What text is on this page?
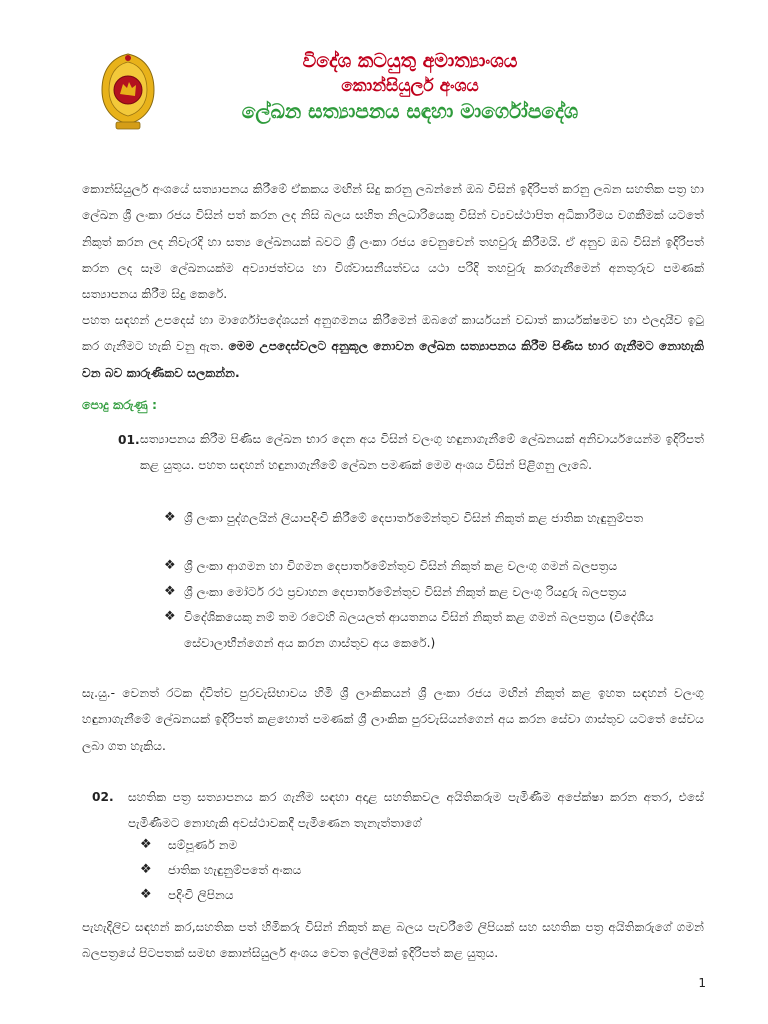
විදේශ කටයුතු අමාත්‍යාංශය
කොන්සියුලර් අංශය
ලේඛන සත්‍යාපනය සඳහා මාර්ගෝපදේශ

කොන්සියුලර් අංශයේ සත්‍යාපනය කිරීමේ ඒකකය මඟින් සිදු කරනු ලබන්නේ ඔබ විසින් ඉදිරිපත් කරනු ලබන සහතික පත්‍ර හා ලේඛන ශ්‍රී ලංකා රජය විසින් පත් කරන ලද නිසි බලය සහිත නිලධාරියෙකු විසින් ව්‍යවස්ථාපිත අධිකාරිමය වගකීමක් යටතේ නිකුත් කරන ලද නිවැරදි හා සත්‍ය ලේඛනයක් බවට ශ්‍රී ලංකා රජය වෙනුවෙන් තහවුරු කිරීමයි. ඒ අනුව ඔබ විසින් ඉදිරිපත් කරන ලද සෑම ලේඛනයක්ම අව්‍යාජත්වය හා විශ්වාසනීයත්වය යථා පරිදි තහවුරු කරගැනීමෙන් අනතුරුව පමණක් සත්‍යාපනය කිරීම සිදු කෙරේ.

පහත සඳහන් උපදෙස් හා මාර්ගෝපදේශයන් අනුගමනය කිරීමෙන් ඔබගේ කාර්යයන් වඩාත් කාර්යක්ෂමව හා ඵලදායීව ඉටු කර ගැනීමට හැකි වනු ඇත. මෙම උපදෙස්වලට අනුකූල නොවන ලේඛන සත්‍යාපනය කිරීම පිණිස භාර ගැනීමට නොහැකි වන බව කාරුණිකව සලකන්න.

පොදු කරුණු :
01. සත්‍යාපනය කිරීම පිණිස ලේඛන භාර දෙන අය විසින් වලංගු හඳුනාගැනීමේ ලේඛනයක් අනිවාර්යයෙන්ම ඉදිරිපත් කළ යුතුය. පහත සඳහන් හඳුනාගැනීමේ ලේඛන පමණක් මෙම අංශය විසින් පිළිගනු ලැබේ.

❖ ශ්‍රී ලංකා පුද්ගලයින් ලියාපදිංචි කිරීමේ දෙපාර්තමේන්තුව විසින් නිකුත් කළ ජාතික හැඳුනුම්පත
❖ ශ්‍රී ලංකා ආගමන හා විගමන දෙපාර්තමේන්තුව විසින් නිකුත් කළ වලංගු ගමන් බලපත්‍රය
❖ ශ්‍රී ලංකා මෝටර් රථ ප්‍රවාහන දෙපාර්තමේන්තුව විසින් නිකුත් කළ වලංගු රියදුරු බලපත්‍රය
❖ විදේශිකයෙකු නම් තම රටෙහි බලයලත් ආයතනය විසින් නිකුත් කළ ගමන් බලපත්‍රය (විදේශීය සේවාලාභීන්ගෙන් අය කරන ගාස්තුව අය කෙරේ.)

සැ.යු.- වෙනත් රටක ද්විත්ව පුරවැසිභාවය හිමි ශ්‍රී ලාංකිකයන් ශ්‍රී ලංකා රජය මඟින් නිකුත් කළ ඉහත සඳහන් වලංගු හඳුනාගැනීමේ ලේඛනයක් ඉදිරිපත් කළහොත් පමණක් ශ්‍රී ලාංකික පුරවැසියන්ගෙන් අය කරන සේවා ගාස්තුව යටතේ සේවය ලබා ගත හැකිය.

02. සහතික පත්‍ර සත්‍යාපනය කර ගැනීම සඳහා අදාළ සහතිකවල අයිතිකරුම පැමිණීම අපේක්ෂා කරන අතර, එසේ පැමිණීමට නොහැකි අවස්ථාවකදී පැමිණෙන තැනැත්තාගේ

❖ සම්පූර්ණ නම
❖ ජාතික හැඳුනුම්පතේ අංකය
❖ පදිංචි ලිපිනය

පැහැදිලිව සඳහන් කර,සහතික පත් හිමිකරු විසින් නිකුත් කළ බලය පැවරීමේ ලිපියක් සහ සහතික පත්‍ර අයිතිකරුගේ ගමන් බලපත්‍රයේ පිටපතක් සමඟ කොන්සියුලර් අංශය වෙත ඉල්ලීමක් ඉදිරිපත් කළ යුතුය.

1
